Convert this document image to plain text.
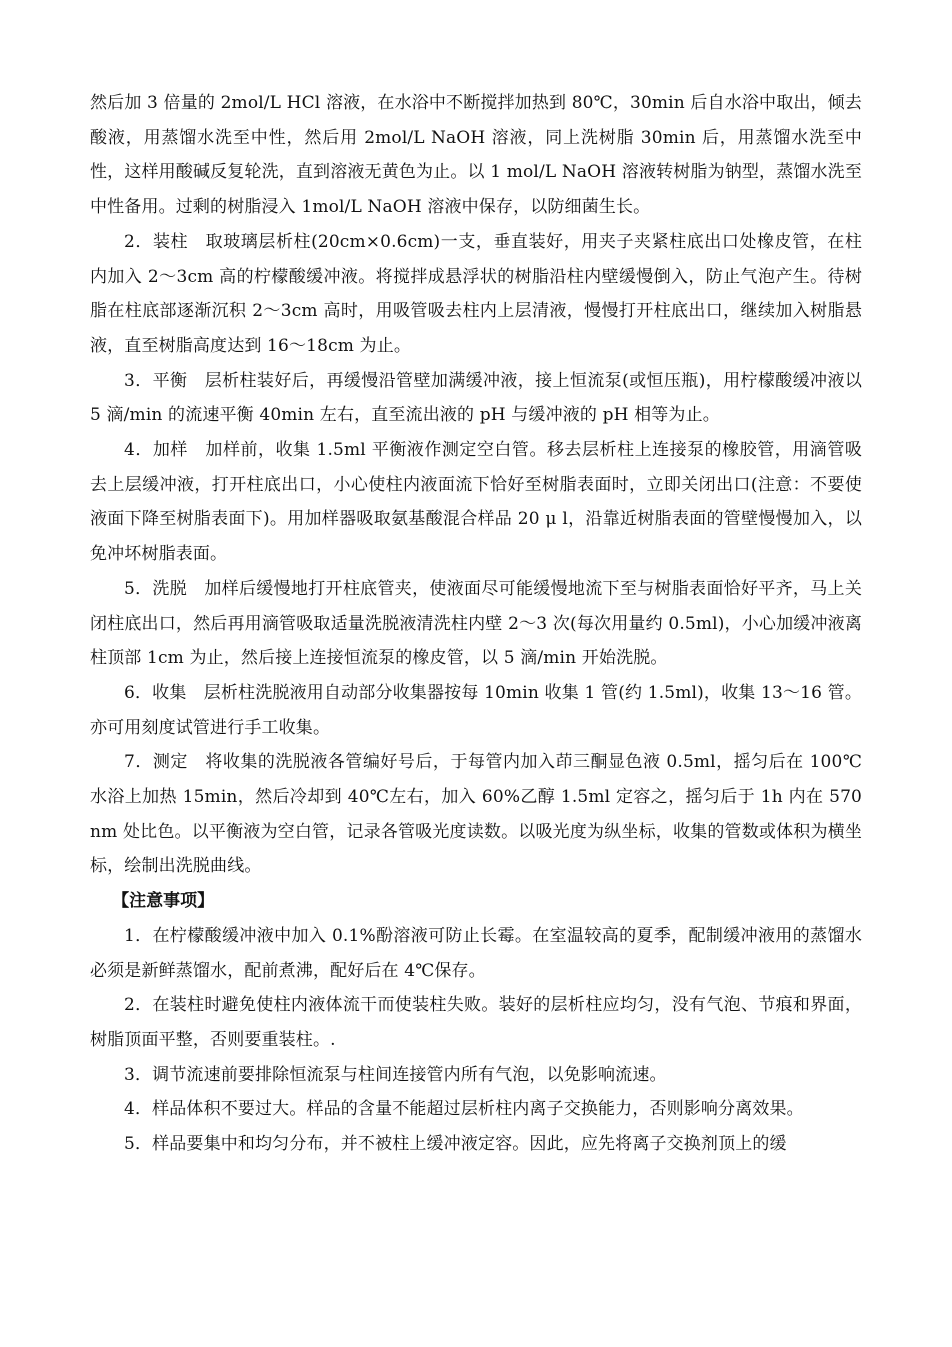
然后加 3 倍量的 2mol/L HCl 溶液，在水浴中不断搅拌加热到 80℃，30min 后自水浴中取出，倾去酸液，用蒸馏水洗至中性，然后用 2mol/L NaOH 溶液，同上洗树脂 30min 后，用蒸馏水洗至中性，这样用酸碱反复轮洗，直到溶液无黄色为止。以 1 mol/L NaOH 溶液转树脂为钠型，蒸馏水洗至中性备用。过剩的树脂浸入 1mol/L NaOH 溶液中保存，以防细菌生长。

2．装柱　取玻璃层析柱(20cm×0.6cm)一支，垂直装好，用夹子夹紧柱底出口处橡皮管，在柱内加入 2～3cm 高的柠檬酸缓冲液。将搅拌成悬浮状的树脂沿柱内壁缓慢倒入，防止气泡产生。待树脂在柱底部逐渐沉积 2～3cm 高时，用吸管吸去柱内上层清液，慢慢打开柱底出口，继续加入树脂悬液，直至树脂高度达到 16～18cm 为止。

3．平衡　层析柱装好后，再缓慢沿管壁加满缓冲液，接上恒流泵(或恒压瓶)，用柠檬酸缓冲液以 5 滴/min 的流速平衡 40min 左右，直至流出液的 pH 与缓冲液的 pH 相等为止。

4．加样　加样前，收集 1.5ml 平衡液作测定空白管。移去层析柱上连接泵的橡胶管，用滴管吸去上层缓冲液，打开柱底出口，小心使柱内液面流下恰好至树脂表面时，立即关闭出口(注意：不要使液面下降至树脂表面下)。用加样器吸取氨基酸混合样品 20 μ l，沿靠近树脂表面的管壁慢慢加入，以免冲坏树脂表面。

5．洗脱　加样后缓慢地打开柱底管夹，使液面尽可能缓慢地流下至与树脂表面恰好平齐，马上关闭柱底出口，然后再用滴管吸取适量洗脱液清洗柱内壁 2～3 次(每次用量约 0.5ml)，小心加缓冲液离柱顶部 1cm 为止，然后接上连接恒流泵的橡皮管，以 5 滴/min 开始洗脱。

6．收集　层析柱洗脱液用自动部分收集器按每 10min 收集 1 管(约 1.5ml)，收集 13～16 管。亦可用刻度试管进行手工收集。

7．测定　将收集的洗脱液各管编好号后，于每管内加入茚三酮显色液 0.5ml，摇匀后在 100℃水浴上加热 15min，然后冷却到 40℃左右，加入 60%乙醇 1.5ml 定容之，摇匀后于 1h 内在 570nm 处比色。以平衡液为空白管，记录各管吸光度读数。以吸光度为纵坐标，收集的管数或体积为横坐标，绘制出洗脱曲线。

【注意事项】

1．在柠檬酸缓冲液中加入 0.1%酚溶液可防止长霉。在室温较高的夏季，配制缓冲液用的蒸馏水必须是新鲜蒸馏水，配前煮沸，配好后在 4℃保存。

2．在装柱时避免使柱内液体流干而使装柱失败。装好的层析柱应均匀，没有气泡、节痕和界面，树脂顶面平整，否则要重装柱。.

3．调节流速前要排除恒流泵与柱间连接管内所有气泡，以免影响流速。

4．样品体积不要过大。样品的含量不能超过层析柱内离子交换能力，否则影响分离效果。

5．样品要集中和均匀分布，并不被柱上缓冲液定容。因此，应先将离子交换剂顶上的缓
